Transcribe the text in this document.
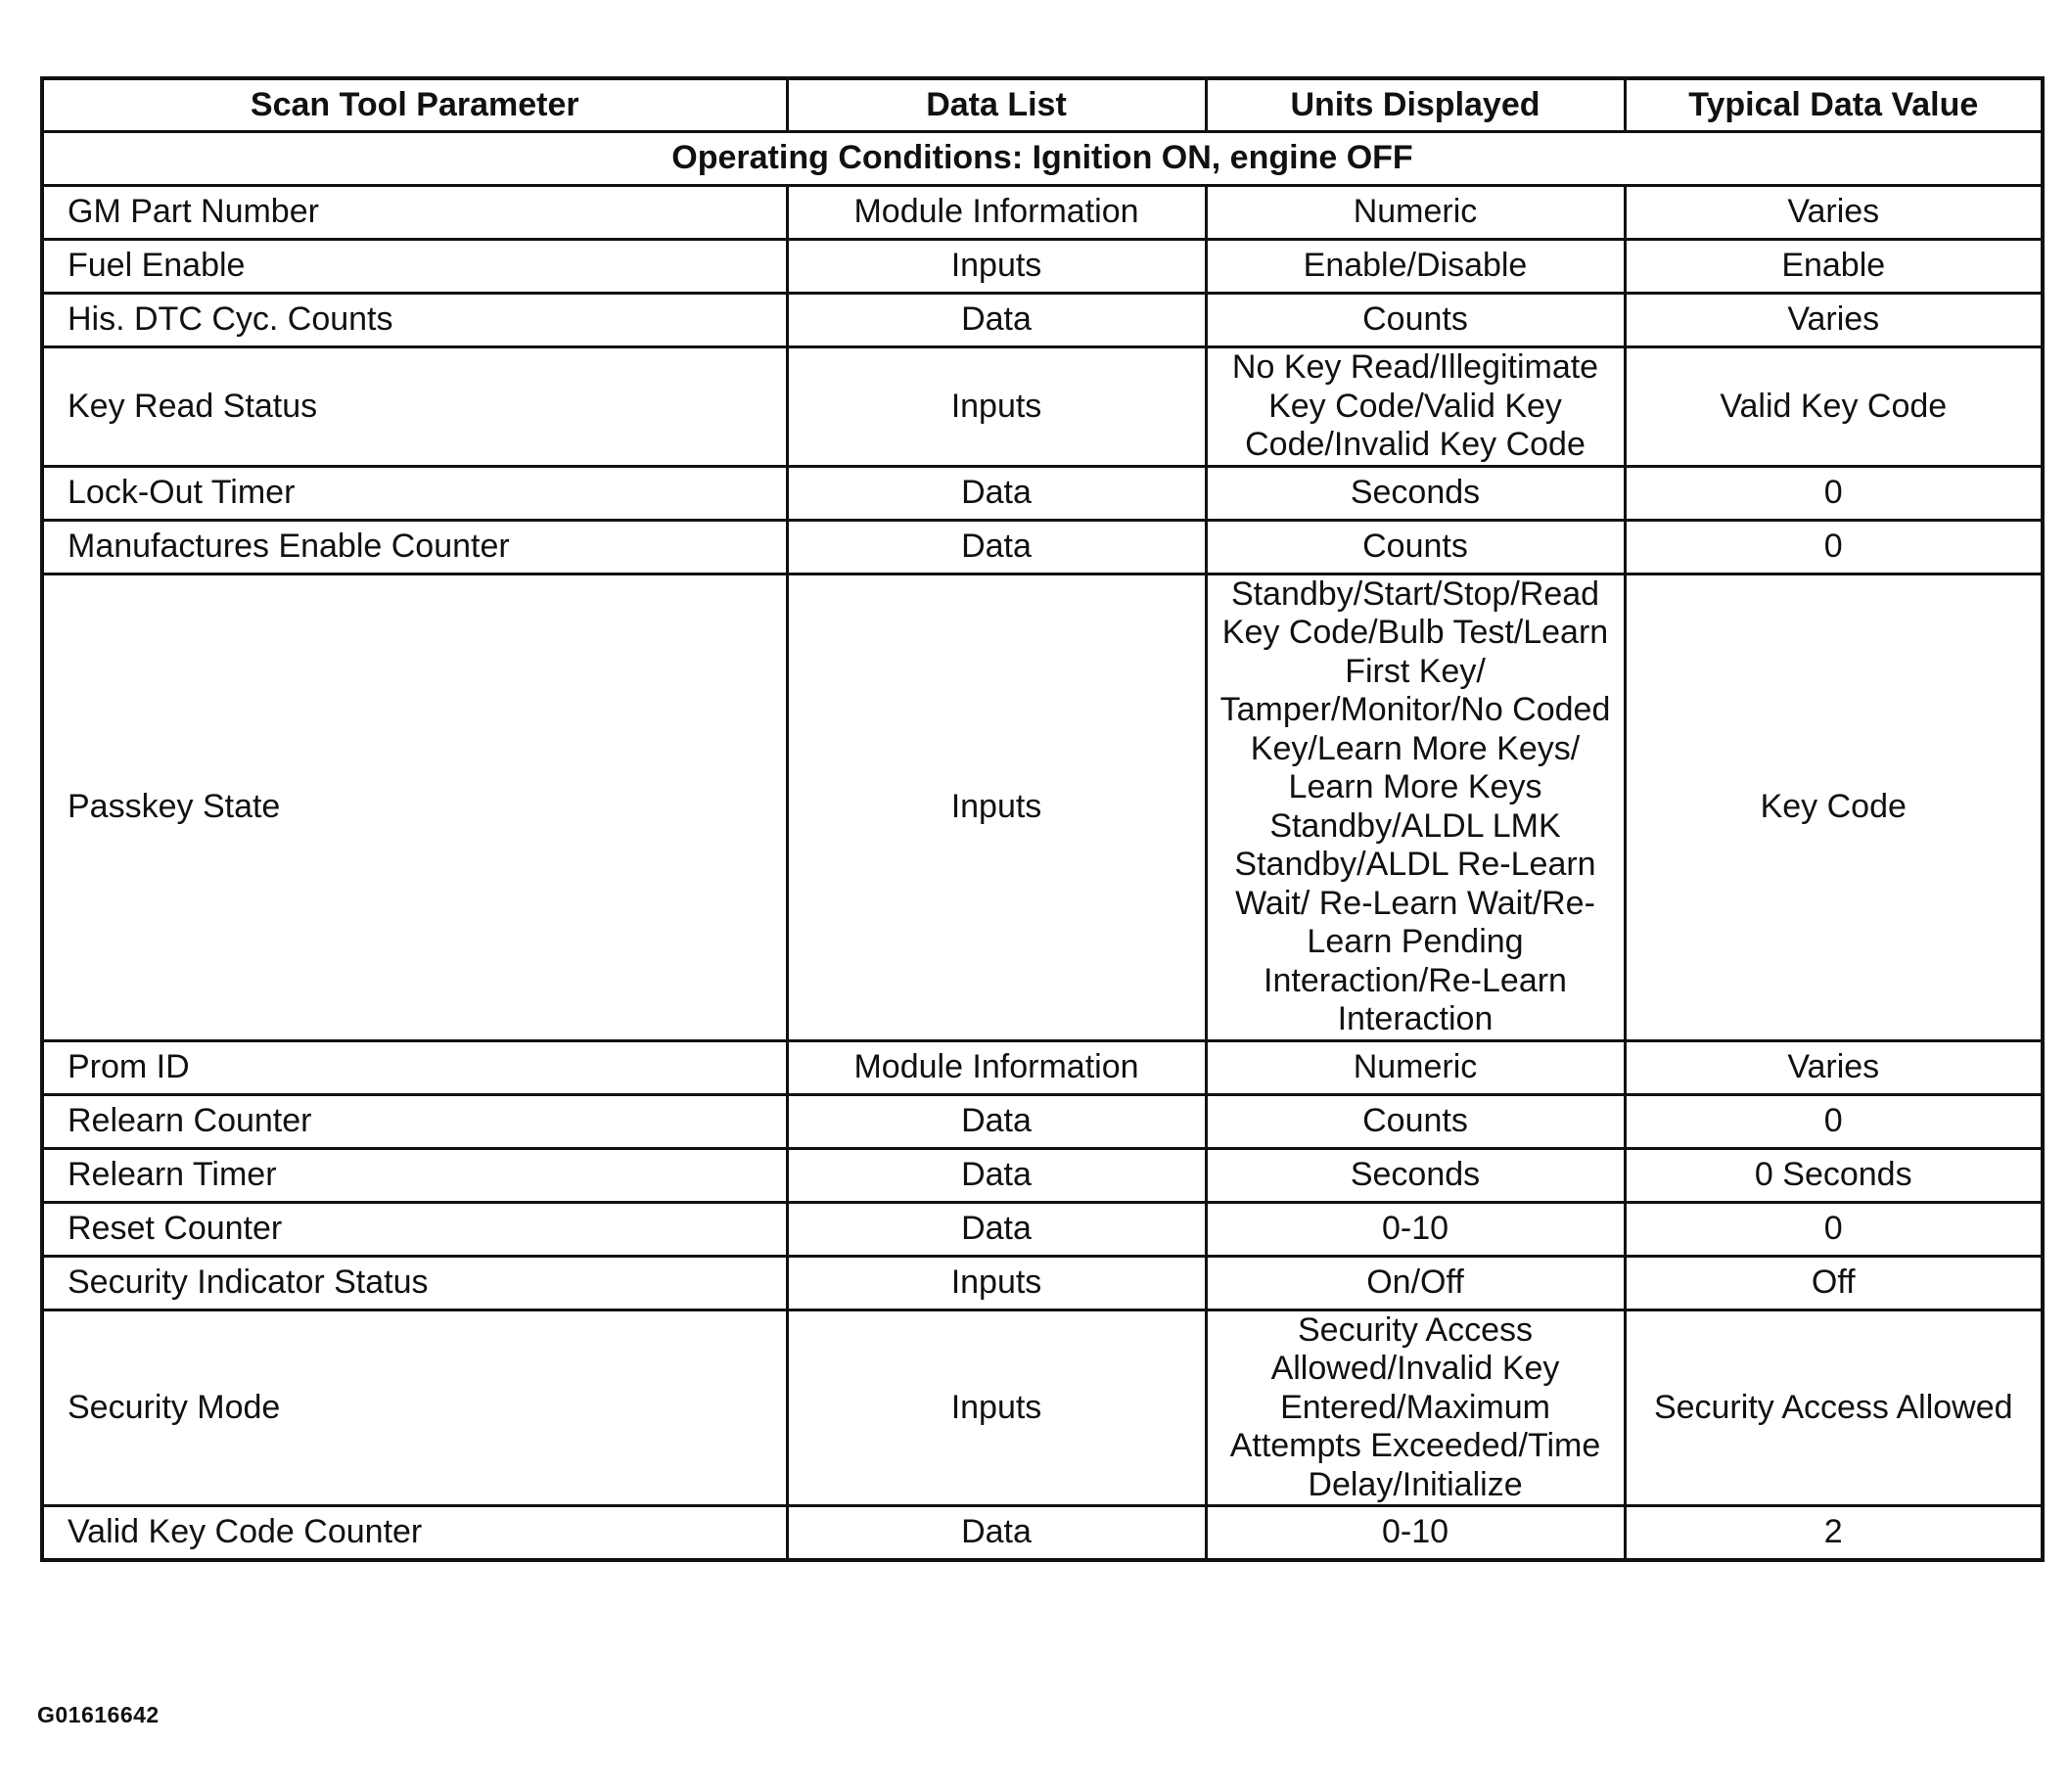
Scan Tool Parameter	Data List	Units Displayed	Typical Data Value
Operating Conditions: Ignition ON, engine OFF			
GM Part Number	Module Information	Numeric	Varies
Fuel Enable	Inputs	Enable/Disable	Enable
His. DTC Cyc. Counts	Data	Counts	Varies
Key Read Status	Inputs	No Key Read/Illegitimate Key Code/Valid Key Code/Invalid Key Code	Valid Key Code
Lock-Out Timer	Data	Seconds	0
Manufactures Enable Counter	Data	Counts	0
Passkey State	Inputs	Standby/Start/Stop/Read Key Code/Bulb Test/Learn First Key/ Tamper/Monitor/No Coded Key/Learn More Keys/ Learn More Keys Standby/ALDL LMK Standby/ALDL Re-Learn Wait/ Re-Learn Wait/Re-Learn Pending Interaction/Re-Learn Interaction	Key Code
Prom ID	Module Information	Numeric	Varies
Relearn Counter	Data	Counts	0
Relearn Timer	Data	Seconds	0 Seconds
Reset Counter	Data	0-10	0
Security Indicator Status	Inputs	On/Off	Off
Security Mode	Inputs	Security Access Allowed/Invalid Key Entered/Maximum Attempts Exceeded/Time Delay/Initialize	Security Access Allowed
Valid Key Code Counter	Data	0-10	2
G01616642
